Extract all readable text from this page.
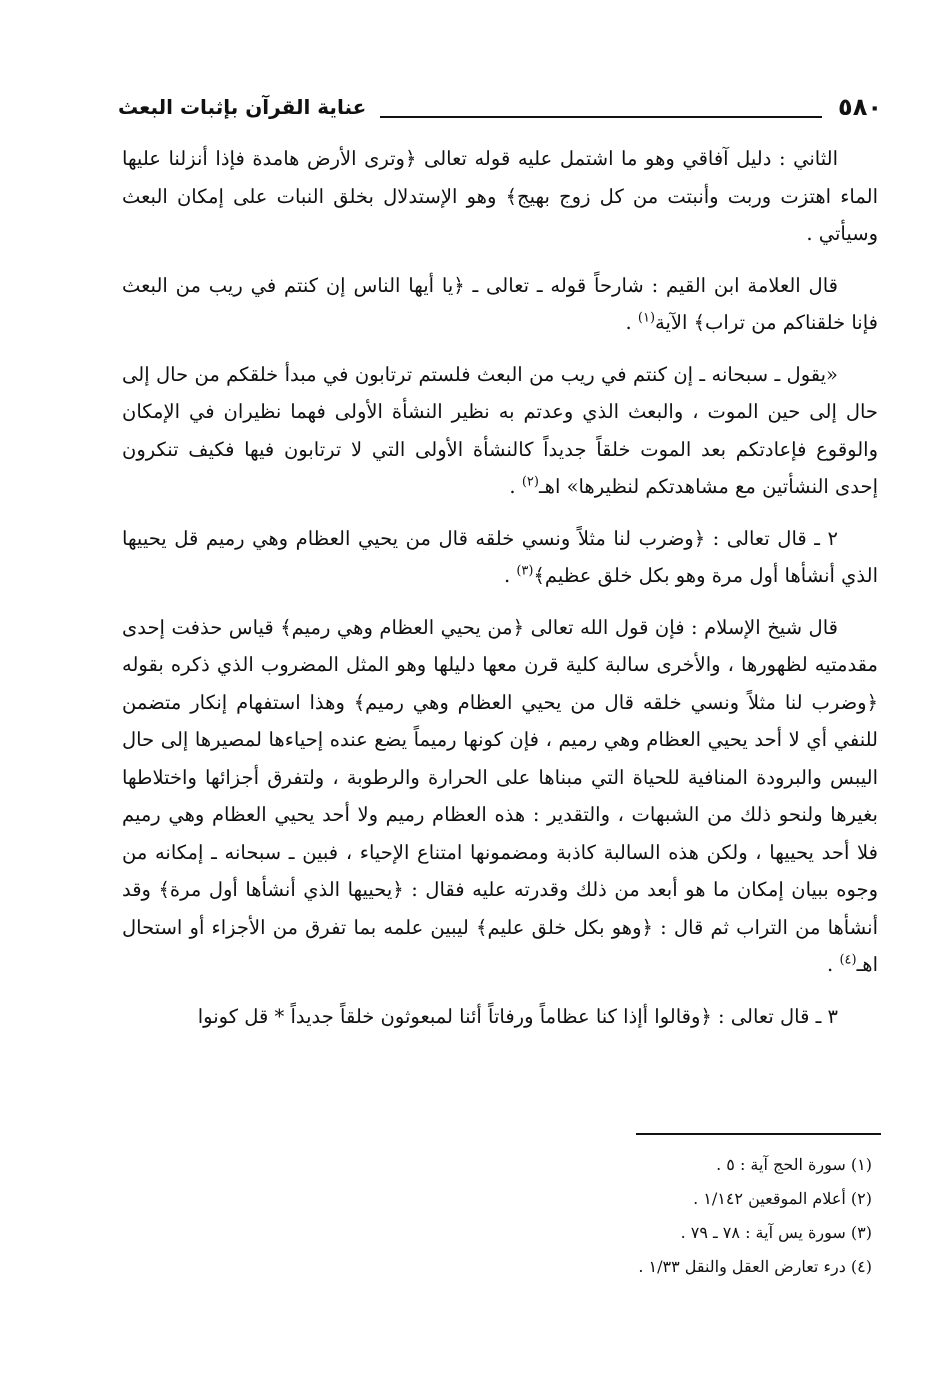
٥٨٠
عناية القرآن بإثبات البعث

الثاني : دليل آفاقي وهو ما اشتمل عليه قوله تعالى ﴿وترى الأرض هامدة فإذا أنزلنا عليها الماء اهتزت وربت وأنبتت من كل زوج بهيج﴾ وهو الإستدلال بخلق النبات على إمكان البعث وسيأتي .

قال العلامة ابن القيم : شارحاً قوله ـ تعالى ـ ﴿يا أيها الناس إن كنتم في ريب من البعث فإنا خلقناكم من تراب﴾ الآية$^{(١)}$ .

«يقول ـ سبحانه ـ إن كنتم في ريب من البعث فلستم ترتابون في مبدأ خلقكم من حال إلى حال إلى حين الموت ، والبعث الذي وعدتم به نظير النشأة الأولى فهما نظيران في الإمكان والوقوع فإعادتكم بعد الموت خلقاً جديداً كالنشأة الأولى التي لا ترتابون فيها فكيف تنكرون إحدى النشأتين مع مشاهدتكم لنظيرها» اهـ$^{(٢)}$ .

٢ ـ قال تعالى : ﴿وضرب لنا مثلاً ونسي خلقه قال من يحيي العظام وهي رميم قل يحييها الذي أنشأها أول مرة وهو بكل خلق عظيم﴾$^{(٣)}$ .

قال شيخ الإسلام : فإن قول الله تعالى ﴿من يحيي العظام وهي رميم﴾ قياس حذفت إحدى مقدمتيه لظهورها ، والأخرى سالبة كلية قرن معها دليلها وهو المثل المضروب الذي ذكره بقوله ﴿وضرب لنا مثلاً ونسي خلقه قال من يحيي العظام وهي رميم﴾ وهذا استفهام إنكار متضمن للنفي أي لا أحد يحيي العظام وهي رميم ، فإن كونها رميماً يضع عنده إحياءها لمصيرها إلى حال اليبس والبرودة المنافية للحياة التي مبناها على الحرارة والرطوبة ، ولتفرق أجزائها واختلاطها بغيرها ولنحو ذلك من الشبهات ، والتقدير : هذه العظام رميم ولا أحد يحيي العظام وهي رميم فلا أحد يحييها ، ولكن هذه السالبة كاذبة ومضمونها امتناع الإحياء ، فبين ـ سبحانه ـ إمكانه من وجوه ببيان إمكان ما هو أبعد من ذلك وقدرته عليه فقال : ﴿يحييها الذي أنشأها أول مرة﴾ وقد أنشأها من التراب ثم قال : ﴿وهو بكل خلق عليم﴾ ليبين علمه بما تفرق من الأجزاء أو استحال اهـ$^{(٤)}$ .

٣ ـ قال تعالى : ﴿وقالوا أإذا كنا عظاماً ورفاتاً أئنا لمبعوثون خلقاً جديداً * قل كونوا

(١) سورة الحج آية : ٥ .
(٢) أعلام الموقعين ١/١٤٢ .
(٣) سورة يس آية : ٧٨ ـ ٧٩ .
(٤) درء تعارض العقل والنقل ١/٣٣ .
